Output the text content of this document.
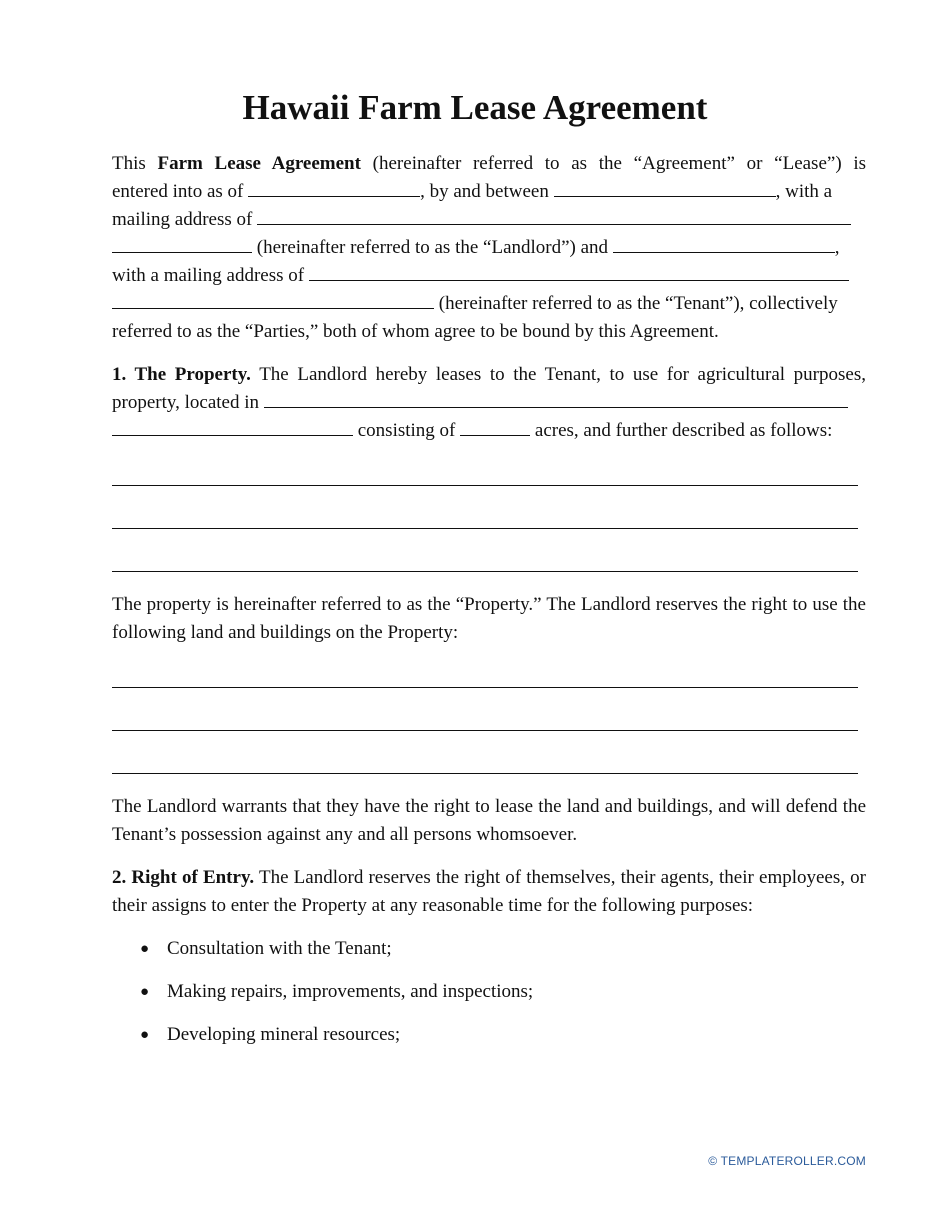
Hawaii Farm Lease Agreement
This Farm Lease Agreement (hereinafter referred to as the “Agreement” or “Lease”) is
entered into as of	, by and between	, with a
mailing address of
(hereinafter referred to as the “Landlord”) and	,
with a mailing address of
(hereinafter referred to as the “Tenant”), collectively
referred to as the “Parties,” both of whom agree to be bound by this Agreement.
1. The Property. The Landlord hereby leases to the Tenant, to use for agricultural purposes,
property, located in
consisting of	acres, and further described as follows:

The property is hereinafter referred to as the “Property.” The Landlord reserves the right to use the following land and buildings on the Property:

The Landlord warrants that they have the right to lease the land and buildings, and will defend the Tenant’s possession against any and all persons whomsoever.

2. Right of Entry. The Landlord reserves the right of themselves, their agents, their employees, or their assigns to enter the Property at any reasonable time for the following purposes:

● Consultation with the Tenant;
● Making repairs, improvements, and inspections;
● Developing mineral resources;
© TEMPLATEROLLER.COM
